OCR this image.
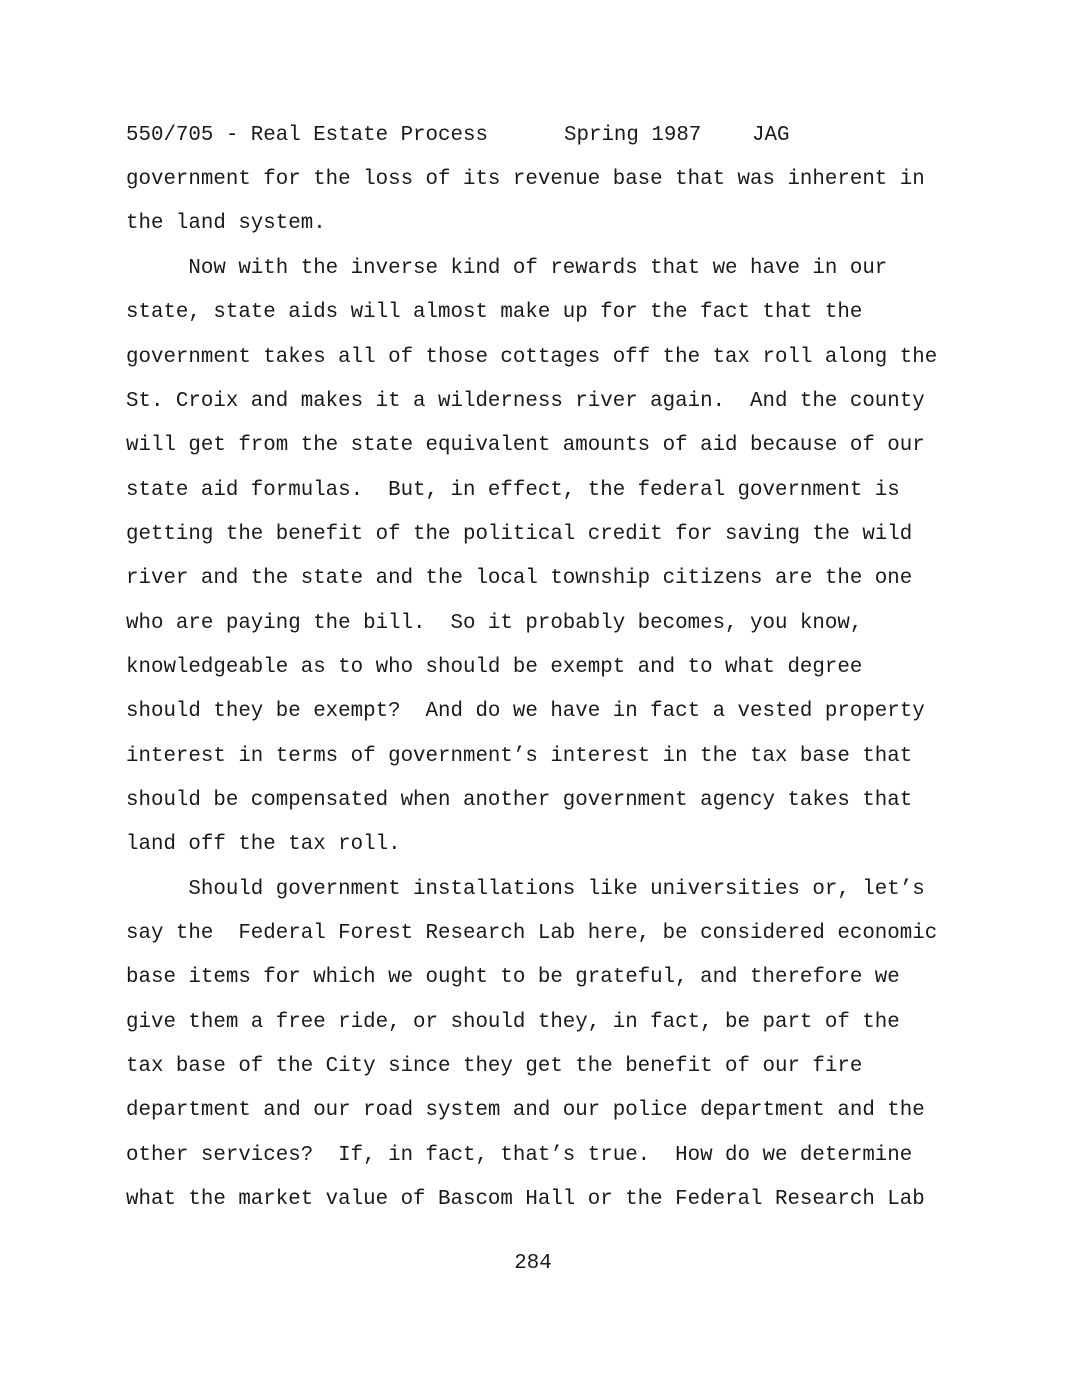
550/705 - Real Estate Process

	Spring 1987

JAG

government for the loss of its revenue base that was inherent in
the land system.
Now with the inverse kind of rewards that we have in our
state, state aids will almost make up for the fact that the
government takes all of those cottages off the tax roll along the
St. Croix and makes it a wilderness river again.  And the county
will get from the state equivalent amounts of aid because of our
state aid formulas.  But, in effect, the federal government is
getting the benefit of the political credit for saving the wild
river and the state and the local township citizens are the one
who are paying the bill.  So it probably becomes, you know,
knowledgeable as to who should be exempt and to what degree
should they be exempt?  And do we have in fact a vested property
interest in terms of government’s interest in the tax base that
should be compensated when another government agency takes that
land off the tax roll.
Should government installations like universities or, let’s
say the  Federal Forest Research Lab here, be considered economic
base items for which we ought to be grateful, and therefore we
give them a free ride, or should they, in fact, be part of the
tax base of the City since they get the benefit of our fire
department and our road system and our police department and the
other services?  If, in fact, that’s true.  How do we determine
what the market value of Bascom Hall or the Federal Research Lab
284
